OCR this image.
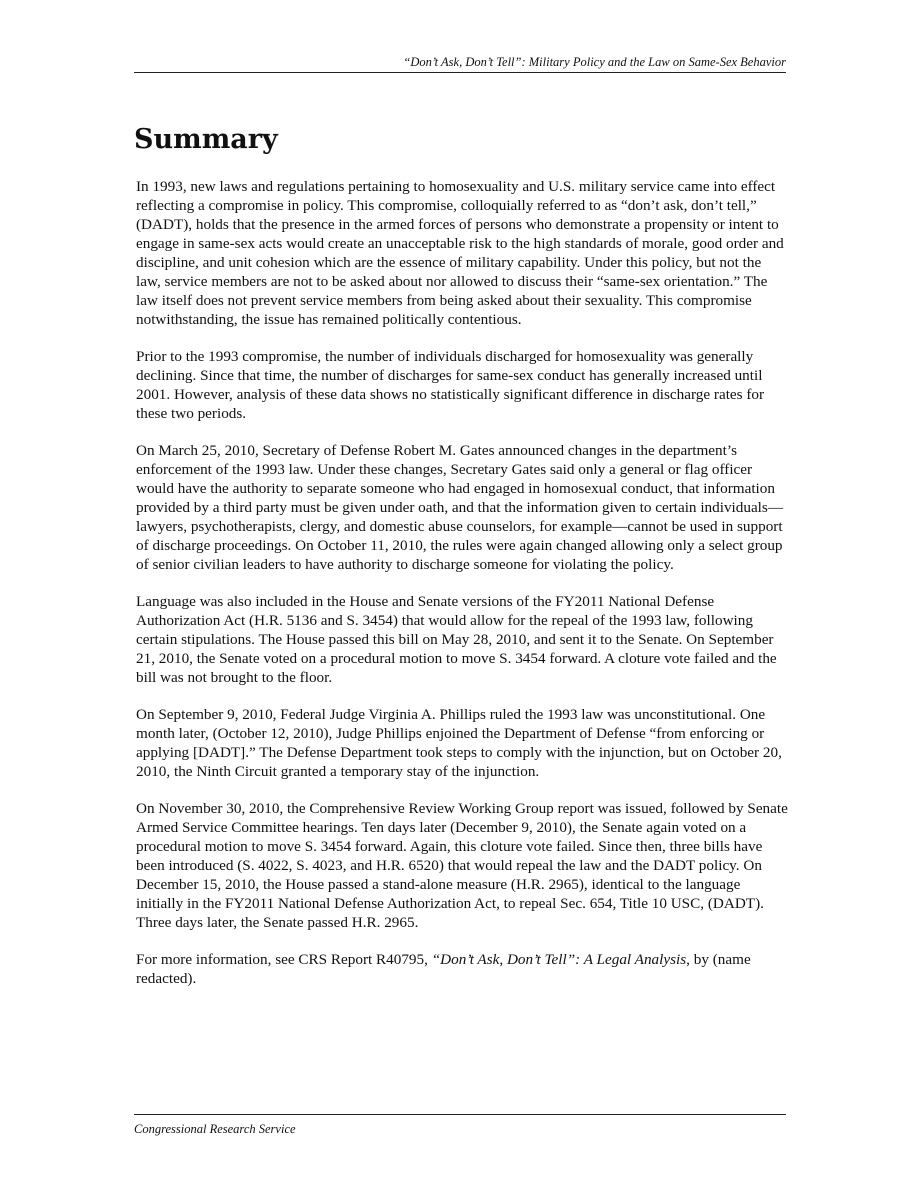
“Don’t Ask, Don’t Tell”: Military Policy and the Law on Same-Sex Behavior
Summary

In 1993, new laws and regulations pertaining to homosexuality and U.S. military service came into effect reflecting a compromise in policy. This compromise, colloquially referred to as “don’t ask, don’t tell,” (DADT), holds that the presence in the armed forces of persons who demonstrate a propensity or intent to engage in same-sex acts would create an unacceptable risk to the high standards of morale, good order and discipline, and unit cohesion which are the essence of military capability. Under this policy, but not the law, service members are not to be asked about nor allowed to discuss their “same-sex orientation.” The law itself does not prevent service members from being asked about their sexuality. This compromise notwithstanding, the issue has remained politically contentious.

Prior to the 1993 compromise, the number of individuals discharged for homosexuality was generally declining. Since that time, the number of discharges for same-sex conduct has generally increased until 2001. However, analysis of these data shows no statistically significant difference in discharge rates for these two periods.

On March 25, 2010, Secretary of Defense Robert M. Gates announced changes in the department’s enforcement of the 1993 law. Under these changes, Secretary Gates said only a general or flag officer would have the authority to separate someone who had engaged in homosexual conduct, that information provided by a third party must be given under oath, and that the information given to certain individuals—lawyers, psychotherapists, clergy, and domestic abuse counselors, for example—cannot be used in support of discharge proceedings. On October 11, 2010, the rules were again changed allowing only a select group of senior civilian leaders to have authority to discharge someone for violating the policy.

Language was also included in the House and Senate versions of the FY2011 National Defense Authorization Act (H.R. 5136 and S. 3454) that would allow for the repeal of the 1993 law, following certain stipulations. The House passed this bill on May 28, 2010, and sent it to the Senate. On September 21, 2010, the Senate voted on a procedural motion to move S. 3454 forward. A cloture vote failed and the bill was not brought to the floor.

On September 9, 2010, Federal Judge Virginia A. Phillips ruled the 1993 law was unconstitutional. One month later, (October 12, 2010), Judge Phillips enjoined the Department of Defense “from enforcing or applying [DADT].” The Defense Department took steps to comply with the injunction, but on October 20, 2010, the Ninth Circuit granted a temporary stay of the injunction.

On November 30, 2010, the Comprehensive Review Working Group report was issued, followed by Senate Armed Service Committee hearings. Ten days later (December 9, 2010), the Senate again voted on a procedural motion to move S. 3454 forward. Again, this cloture vote failed. Since then, three bills have been introduced (S. 4022, S. 4023, and H.R. 6520) that would repeal the law and the DADT policy. On December 15, 2010, the House passed a stand-alone measure (H.R. 2965), identical to the language initially in the FY2011 National Defense Authorization Act, to repeal Sec. 654, Title 10 USC, (DADT). Three days later, the Senate passed H.R. 2965.

For more information, see CRS Report R40795, “Don’t Ask, Don’t Tell”: A Legal Analysis, by (name redacted).

Congressional Research Service
